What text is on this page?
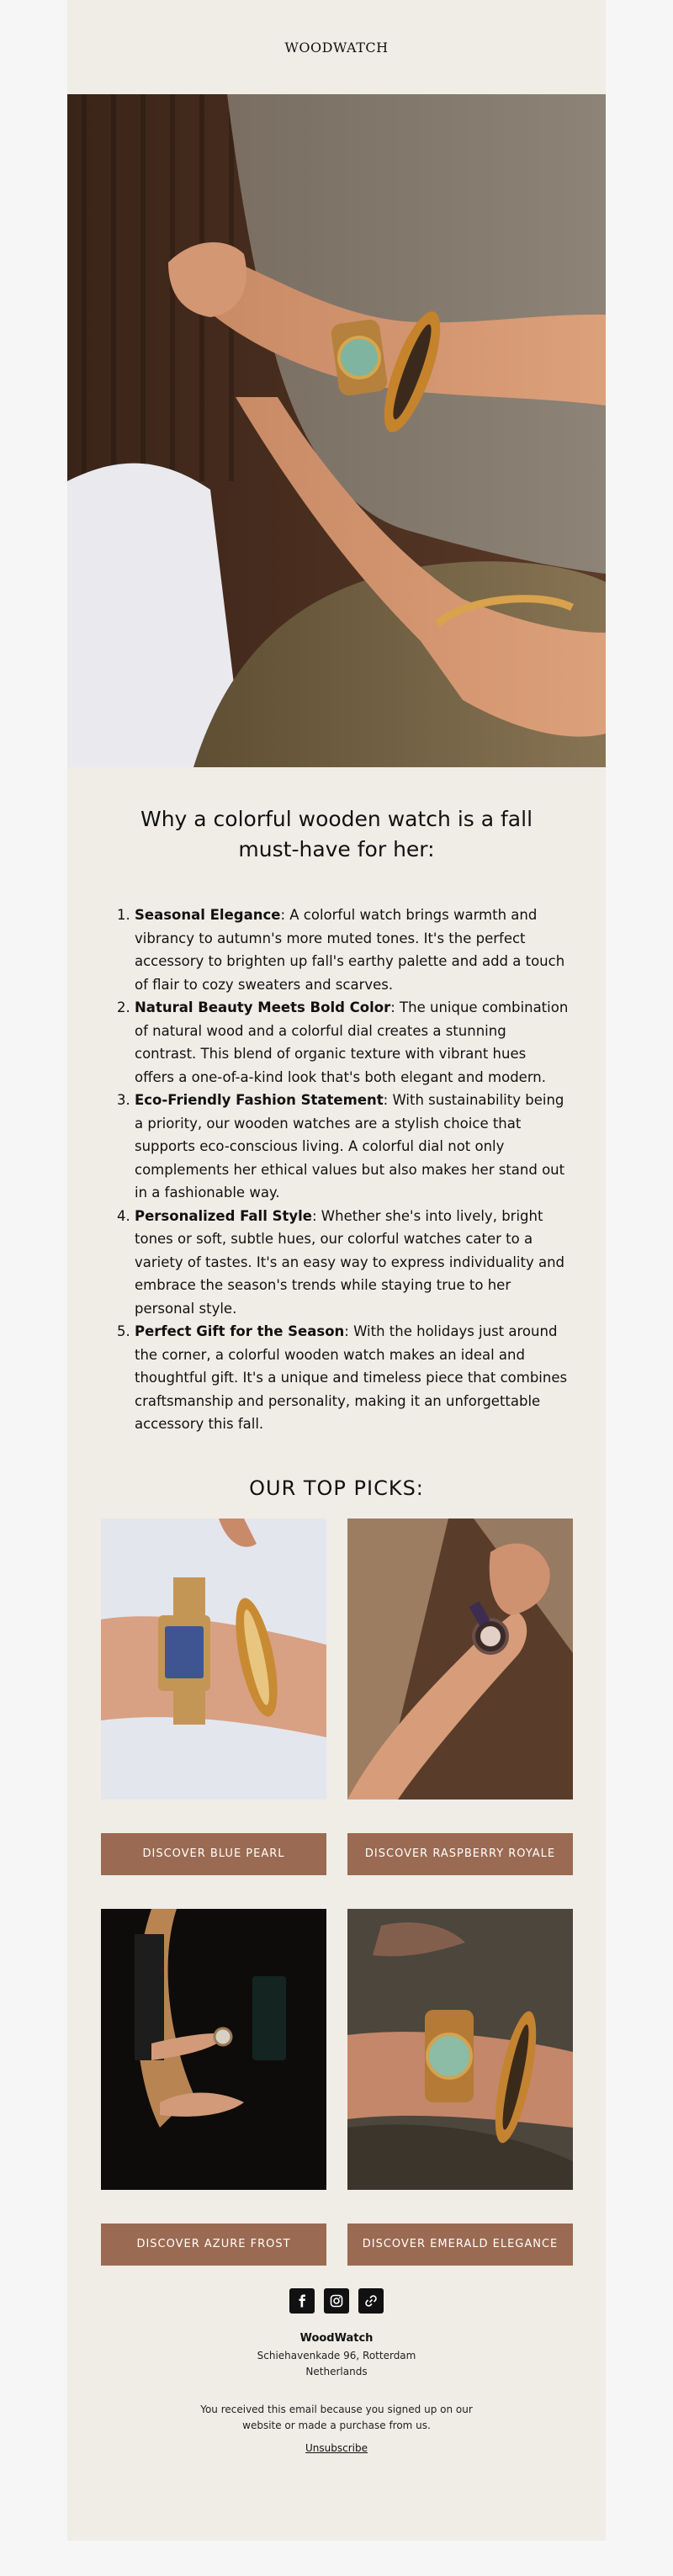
WOODWATCH
Why a colorful wooden watch is a fall must-have for her:
1. Seasonal Elegance: A colorful watch brings warmth and vibrancy to autumn's more muted tones. It's the perfect accessory to brighten up fall's earthy palette and add a touch of flair to cozy sweaters and scarves.
2. Natural Beauty Meets Bold Color: The unique combination of natural wood and a colorful dial creates a stunning contrast. This blend of organic texture with vibrant hues offers a one-of-a-kind look that's both elegant and modern.
3. Eco-Friendly Fashion Statement: With sustainability being a priority, our wooden watches are a stylish choice that supports eco-conscious living. A colorful dial not only complements her ethical values but also makes her stand out in a fashionable way.
4. Personalized Fall Style: Whether she's into lively, bright tones or soft, subtle hues, our colorful watches cater to a variety of tastes. It's an easy way to express individuality and embrace the season's trends while staying true to her personal style.
5. Perfect Gift for the Season: With the holidays just around the corner, a colorful wooden watch makes an ideal and thoughtful gift. It's a unique and timeless piece that combines craftsmanship and personality, making it an unforgettable accessory this fall.
OUR TOP PICKS:
DISCOVER BLUE PEARL	DISCOVER RASPBERRY ROYALE
DISCOVER AZURE FROST	DISCOVER EMERALD ELEGANCE
WoodWatch
Schiehavenkade 96, Rotterdam
Netherlands
You received this email because you signed up on our website or made a purchase from us.
Unsubscribe
